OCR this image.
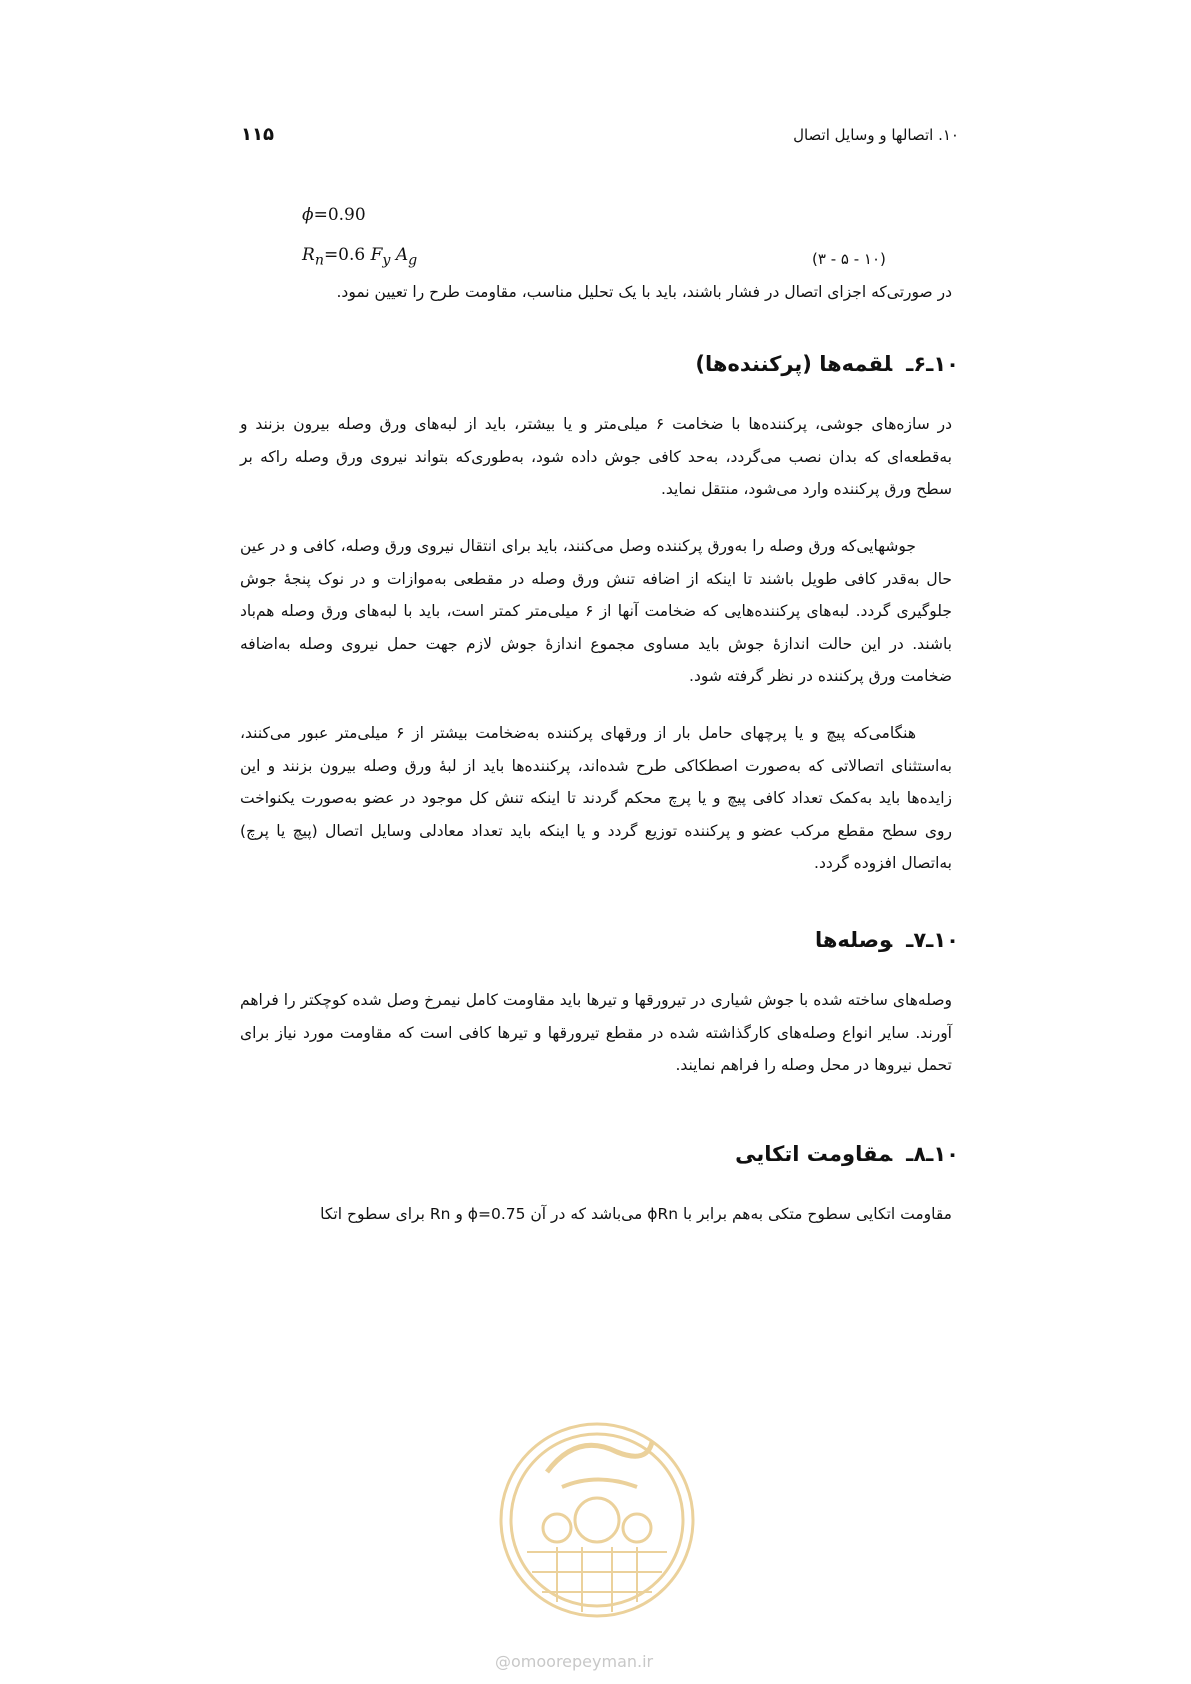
۱۰. اتصالها و وسایل اتصال
۱۱۵
ϕ=0.90
$R_n=0.6$ $F_y$ $A_g$	(۱۰ - ۵ - ۳)

در صورتی‌که اجزای اتصال در فشار باشند، باید با یک تحلیل مناسب، مقاومت طرح را تعیین نمود.

۱۰ـ۶ـلقمه‌ها (پرکننده‌ها)

در سازه‌های جوشی، پرکننده‌ها با ضخامت ۶ میلی‌متر و یا بیشتر، باید از لبه‌های ورق وصله بیرون بزنند و به‌قطعه‌ای که بدان نصب می‌گردد، به‌حد کافی جوش داده شود، به‌طوری‌که بتواند نیروی ورق وصله راکه بر سطح ورق پرکننده وارد می‌شود، منتقل نماید.

جوشهایی‌که ورق وصله را به‌ورق پرکننده وصل می‌کنند، باید برای انتقال نیروی ورق وصله، کافی و در عین حال به‌قدر کافی طویل باشند تا اینکه از اضافه تنش ورق وصله در مقطعی به‌موازات و در نوک پنجهٔ جوش جلوگیری گردد. لبه‌های پرکننده‌هایی که ضخامت آنها از ۶ میلی‌متر کمتر است، باید با لبه‌های ورق وصله هم‌باد باشند. در این حالت اندازهٔ جوش باید مساوی مجموع اندازهٔ جوش لازم جهت حمل نیروی وصله به‌اضافه ضخامت ورق پرکننده در نظر گرفته شود.

هنگامی‌که پیچ و یا پرچهای حامل بار از ورقهای پرکننده به‌ضخامت بیشتر از ۶ میلی‌متر عبور می‌کنند، به‌استثنای اتصالاتی که به‌صورت اصطکاکی طرح شده‌اند، پرکننده‌ها باید از لبهٔ ورق وصله بیرون بزنند و این زایده‌ها باید به‌کمک تعداد کافی پیچ و یا پرچ محکم گردند تا اینکه تنش کل موجود در عضو به‌صورت یکنواخت روی سطح مقطع مرکب عضو و پرکننده توزیع گردد و یا اینکه باید تعداد معادلی وسایل اتصال (پیچ یا پرچ) به‌اتصال افزوده گردد.

۱۰ـ۷ـوصله‌ها

وصله‌های ساخته شده با جوش شیاری در تیرورقها و تیرها باید مقاومت کامل نیمرخ وصل شده کوچکتر را فراهم آورند. سایر انواع وصله‌های کارگذاشته شده در مقطع تیرورقها و تیرها کافی است که مقاومت مورد نیاز برای تحمل نیروها در محل وصله را فراهم نمایند.

۱۰ـ۸ـمقاومت اتکایی

مقاومت اتکایی سطوح متکی به‌هم برابر با ϕRn می‌باشد که در آن ϕ=0.75 و Rn برای سطوح اتکا

@omoorepeyman.ir
